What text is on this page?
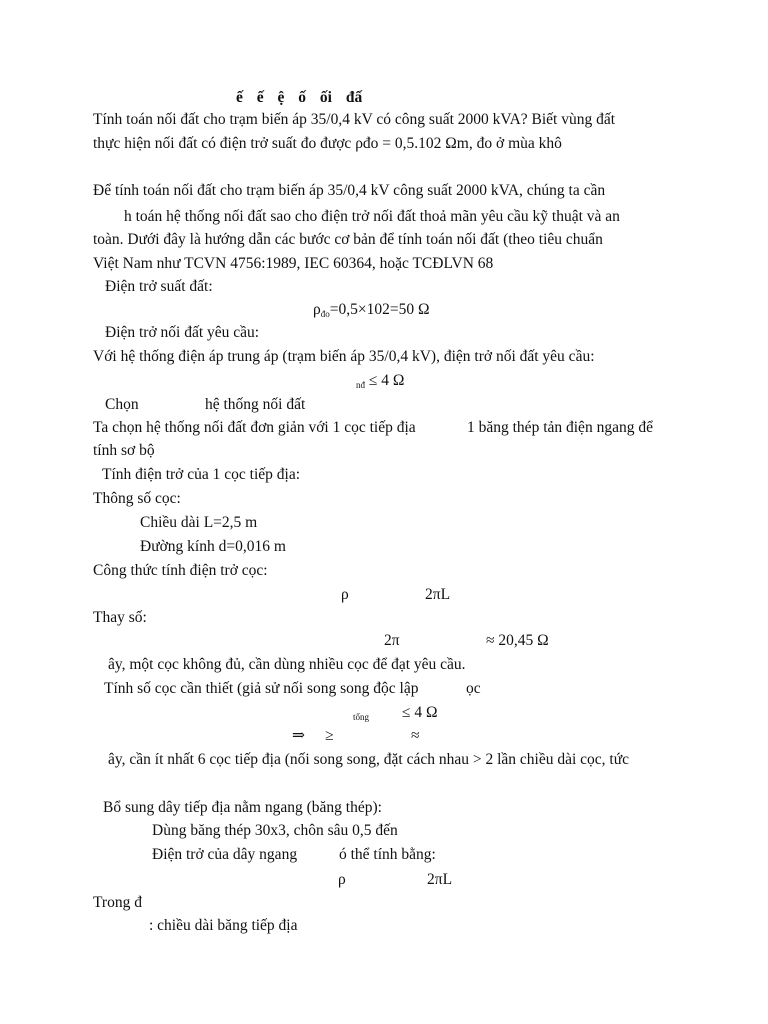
ế ế ệ ố ối đấ
Tính toán nối đất cho trạm biến áp 35/0,4 kV có công suất 2000 kVA? Biết vùng đất
thực hiện nối đất có điện trở suất đo được ρđo = 0,5.102 Ωm, đo ở mùa khô
Để tính toán nối đất cho trạm biến áp 35/0,4 kV công suất 2000 kVA, chúng ta cần
h toán hệ thống nối đất sao cho điện trở nối đất thoả mãn yêu cầu kỹ thuật và an
toàn. Dưới đây là hướng dẫn các bước cơ bản để tính toán nối đất (theo tiêu chuẩn
Việt Nam như TCVN 4756:1989, IEC 60364, hoặc TCĐLVN 68
Điện trở suất đất:
$\rho_{đo}=0,5\times 102=50$ Ω
Điện trở nối đất yêu cầu:
Với hệ thống điện áp trung áp (trạm biến áp 35/0,4 kV), điện trở nối đất yêu cầu:
$_{nđ}$ ≤ 4 Ω
Chọn	hệ thống nối đất
Ta chọn hệ thống nối đất đơn giản với 1 cọc tiếp địa	1 băng thép tản điện ngang để
tính sơ bộ
Tính điện trở của 1 cọc tiếp địa:
Thông số cọc:
Chiều dài L=2,5 m
Đường kính d=0,016 m
Công thức tính điện trở cọc:
ρ	2πL
Thay số:
2π	≈ 20,45 Ω
ây, một cọc không đủ, cần dùng nhiều cọc để đạt yêu cầu.
Tính số cọc cần thiết (giả sử nối song song độc lập	ọc
$_{tổng}$ ≤ 4 Ω
⇒ ≥	≈
ây, cần ít nhất 6 cọc tiếp địa (nối song song, đặt cách nhau > 2 lần chiều dài cọc, tức
Bổ sung dây tiếp địa nằm ngang (băng thép):
Dùng băng thép 30x3, chôn sâu 0,5 đến
Điện trở của dây ngang	ó thể tính bằng:
ρ	2πL
Trong đ
: chiều dài băng tiếp địa
